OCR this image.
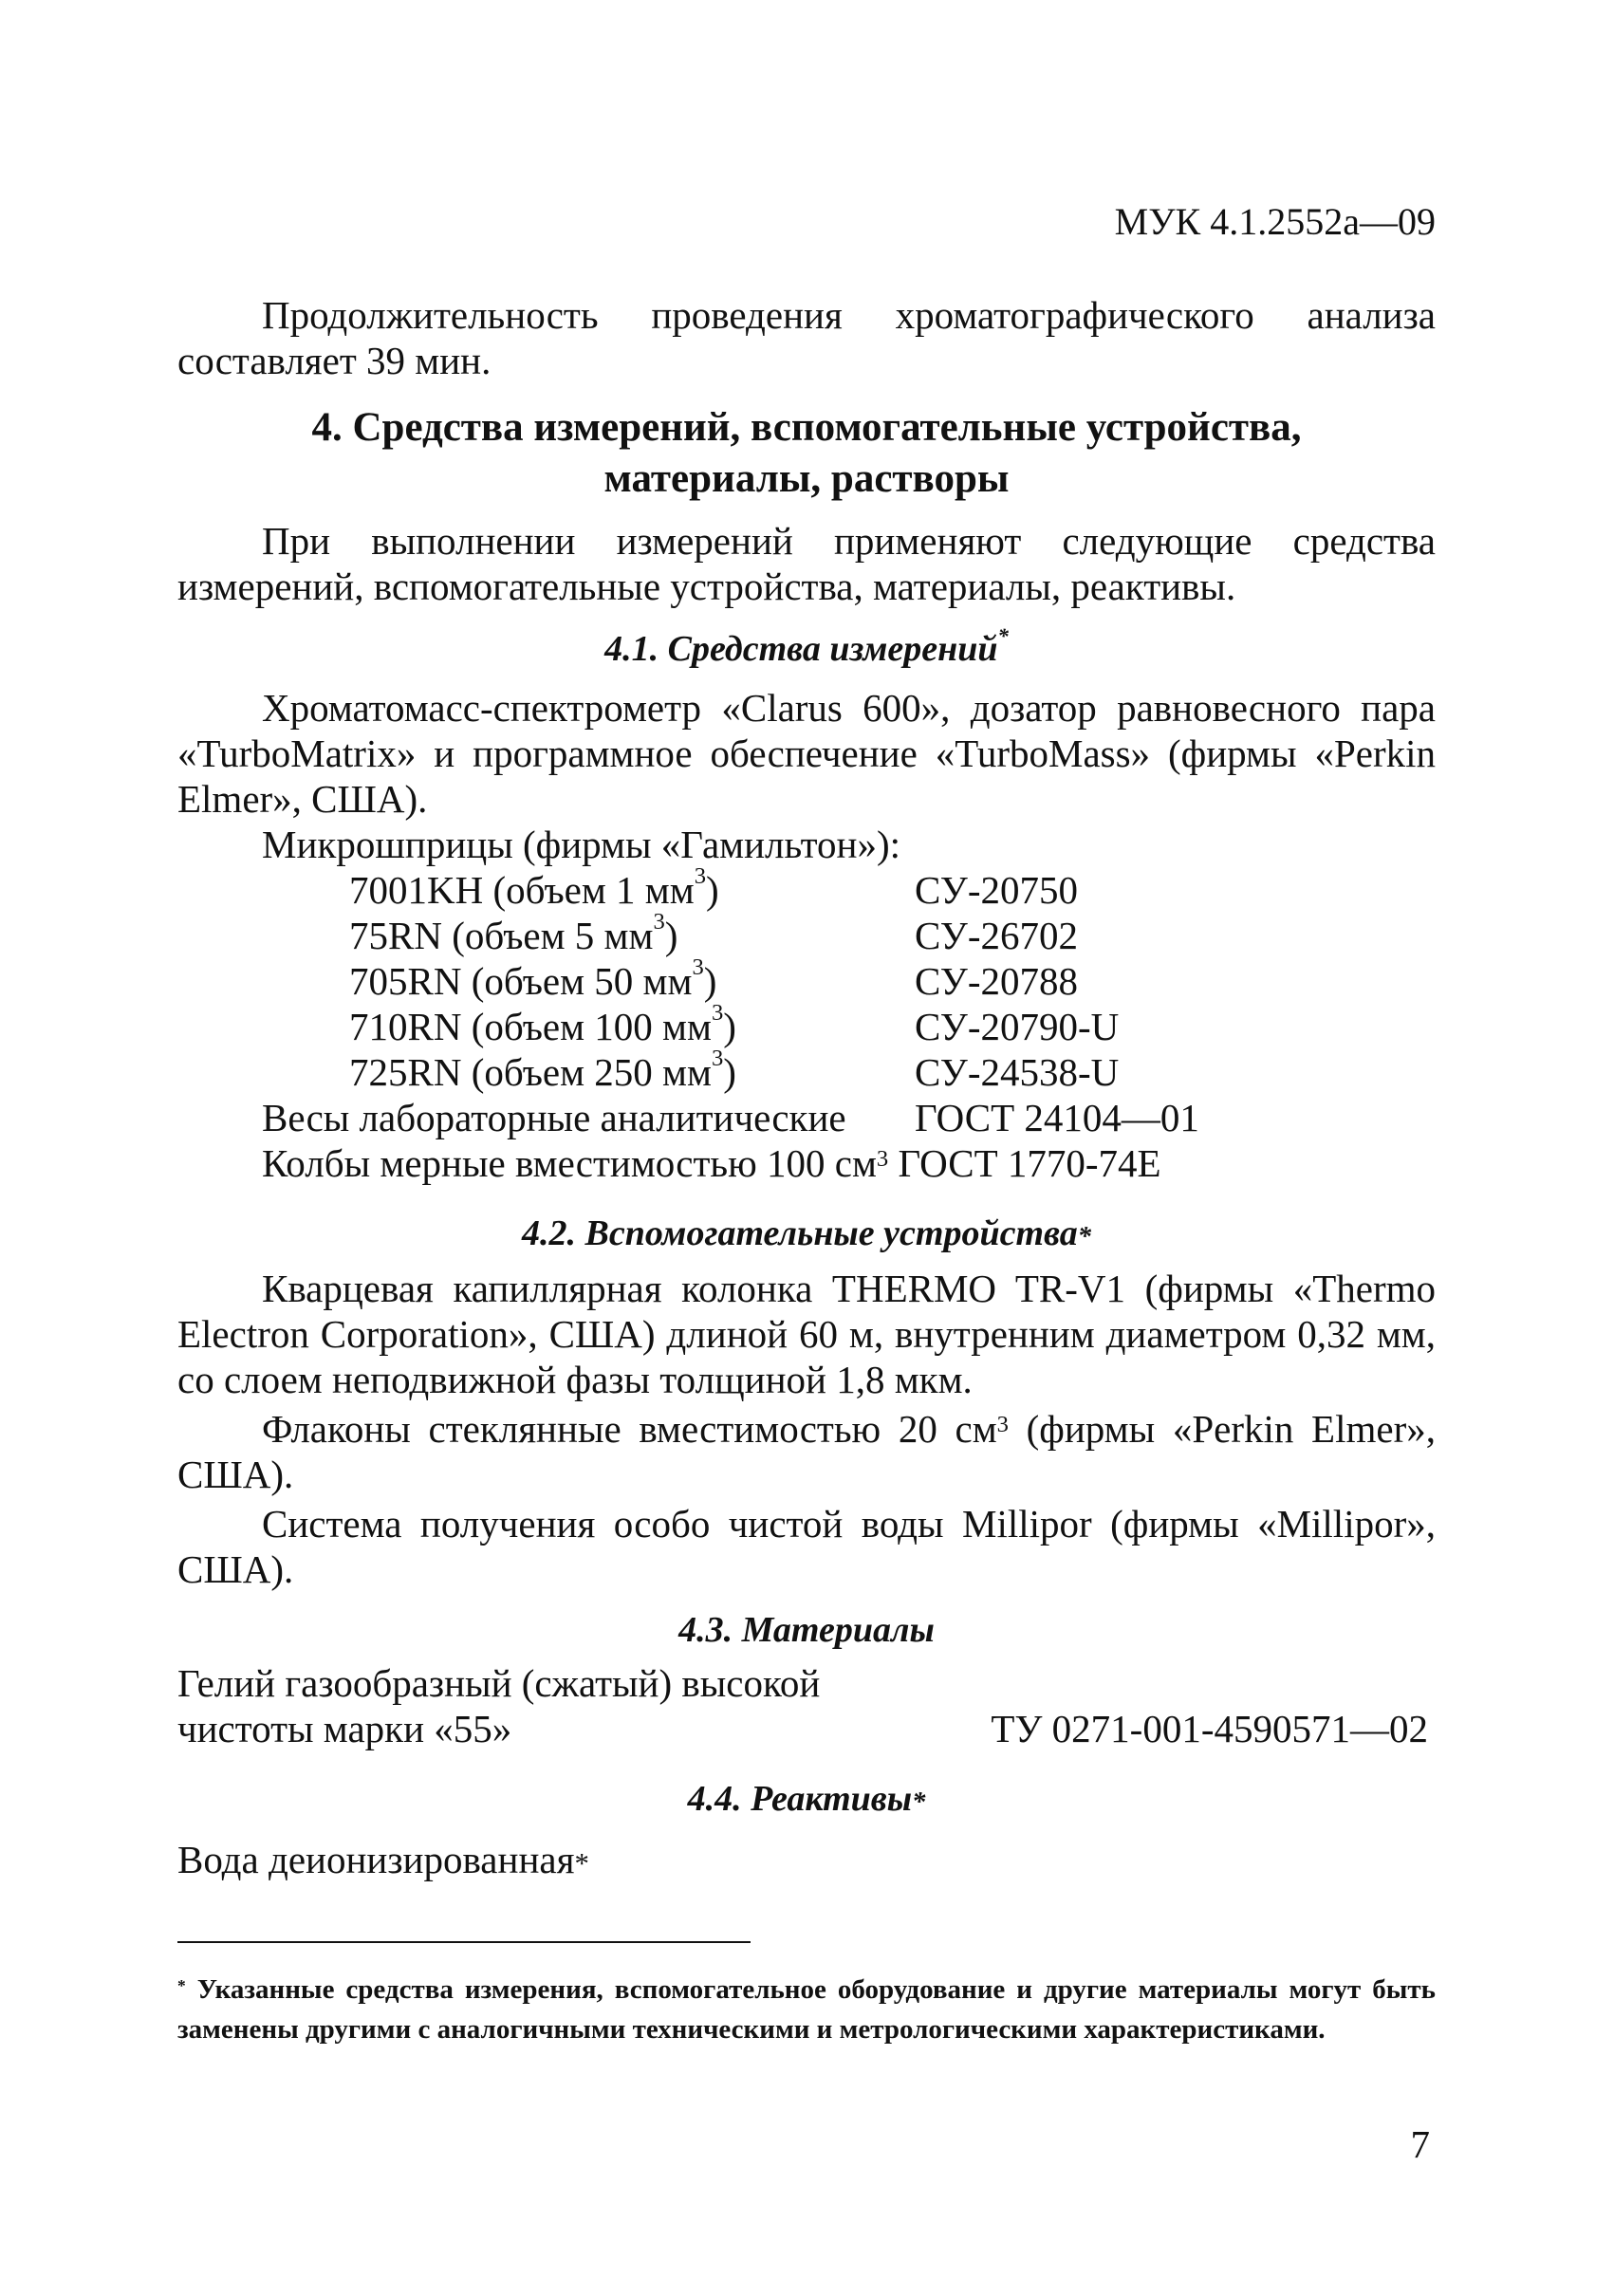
МУК 4.1.2552а—09
Продолжительность проведения хроматографического анализа составляет 39 мин.
4. Средства измерений, вспомогательные устройства,
материалы, растворы
При выполнении измерений применяют следующие средства измерений, вспомогательные устройства, материалы, реактивы.
4.1. Средства измерений*
Хроматомасс-спектрометр «Clarus 600», дозатор равновесного пара «TurboMatrix» и программное обеспечение «TurboMass» (фирмы «Perkin Elmer», США).
Микрошприцы (фирмы «Гамильтон»):
7001KH (объем 1 $мм^3$)	СУ-20750
75RN (объем 5 $мм^3$)	СУ-26702
705RN (объем 50 $мм^3$)	СУ-20788
710RN (объем 100 $мм^3$)	СУ-20790-U
725RN (объем 250 $мм^3$)	СУ-24538-U
Весы лабораторные аналитические ГОСТ 24104—01
Колбы мерные вместимостью 100 $см^3$ ГОСТ 1770-74Е
4.2. Вспомогательные устройства*
Кварцевая капиллярная колонка THERMO TR-V1 (фирмы «Thermo Electron Corporation», США) длиной 60 м, внутренним диаметром 0,32 мм, со слоем неподвижной фазы толщиной 1,8 мкм.
Флаконы стеклянные вместимостью 20 $см^3$ (фирмы «Perkin Elmer», США).
Система получения особо чистой воды Millipor (фирмы «Millipor», США).
4.3. Материалы
Гелий газообразный (сжатый) высокой
чистоты марки «55»	ТУ 0271-001-4590571—02
4.4. Реактивы*
Вода деионизированная*
* Указанные средства измерения, вспомогательное оборудование и другие материалы могут быть заменены другими с аналогичными техническими и метрологическими характеристиками.
7
